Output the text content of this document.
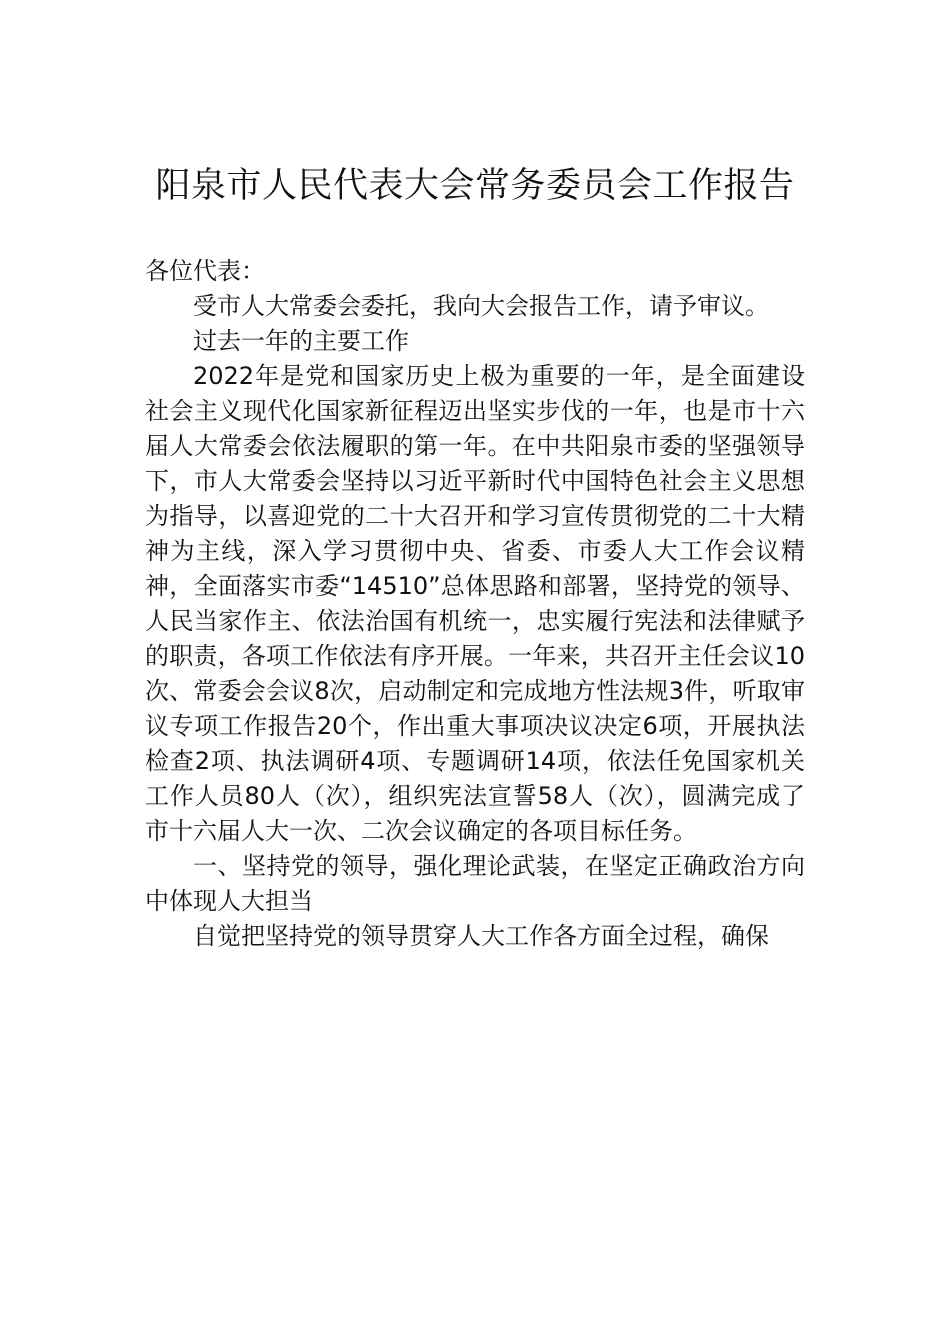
阳泉市人民代表大会常务委员会工作报告

各位代表：

受市人大常委会委托，我向大会报告工作，请予审议。

过去一年的主要工作

2022年是党和国家历史上极为重要的一年，是全面建设社会主义现代化国家新征程迈出坚实步伐的一年，也是市十六届人大常委会依法履职的第一年。在中共阳泉市委的坚强领导下，市人大常委会坚持以习近平新时代中国特色社会主义思想为指导，以喜迎党的二十大召开和学习宣传贯彻党的二十大精神为主线，深入学习贯彻中央、省委、市委人大工作会议精神，全面落实市委“14510”总体思路和部署，坚持党的领导、人民当家作主、依法治国有机统一，忠实履行宪法和法律赋予的职责，各项工作依法有序开展。一年来，共召开主任会议10次、常委会会议8次，启动制定和完成地方性法规3件，听取审议专项工作报告20个，作出重大事项决议决定6项，开展执法检查2项、执法调研4项、专题调研14项，依法任免国家机关工作人员80人（次），组织宪法宣誓58人（次），圆满完成了市十六届人大一次、二次会议确定的各项目标任务。

一、坚持党的领导，强化理论武装，在坚定正确政治方向中体现人大担当

自觉把坚持党的领导贯穿人大工作各方面全过程，确保
